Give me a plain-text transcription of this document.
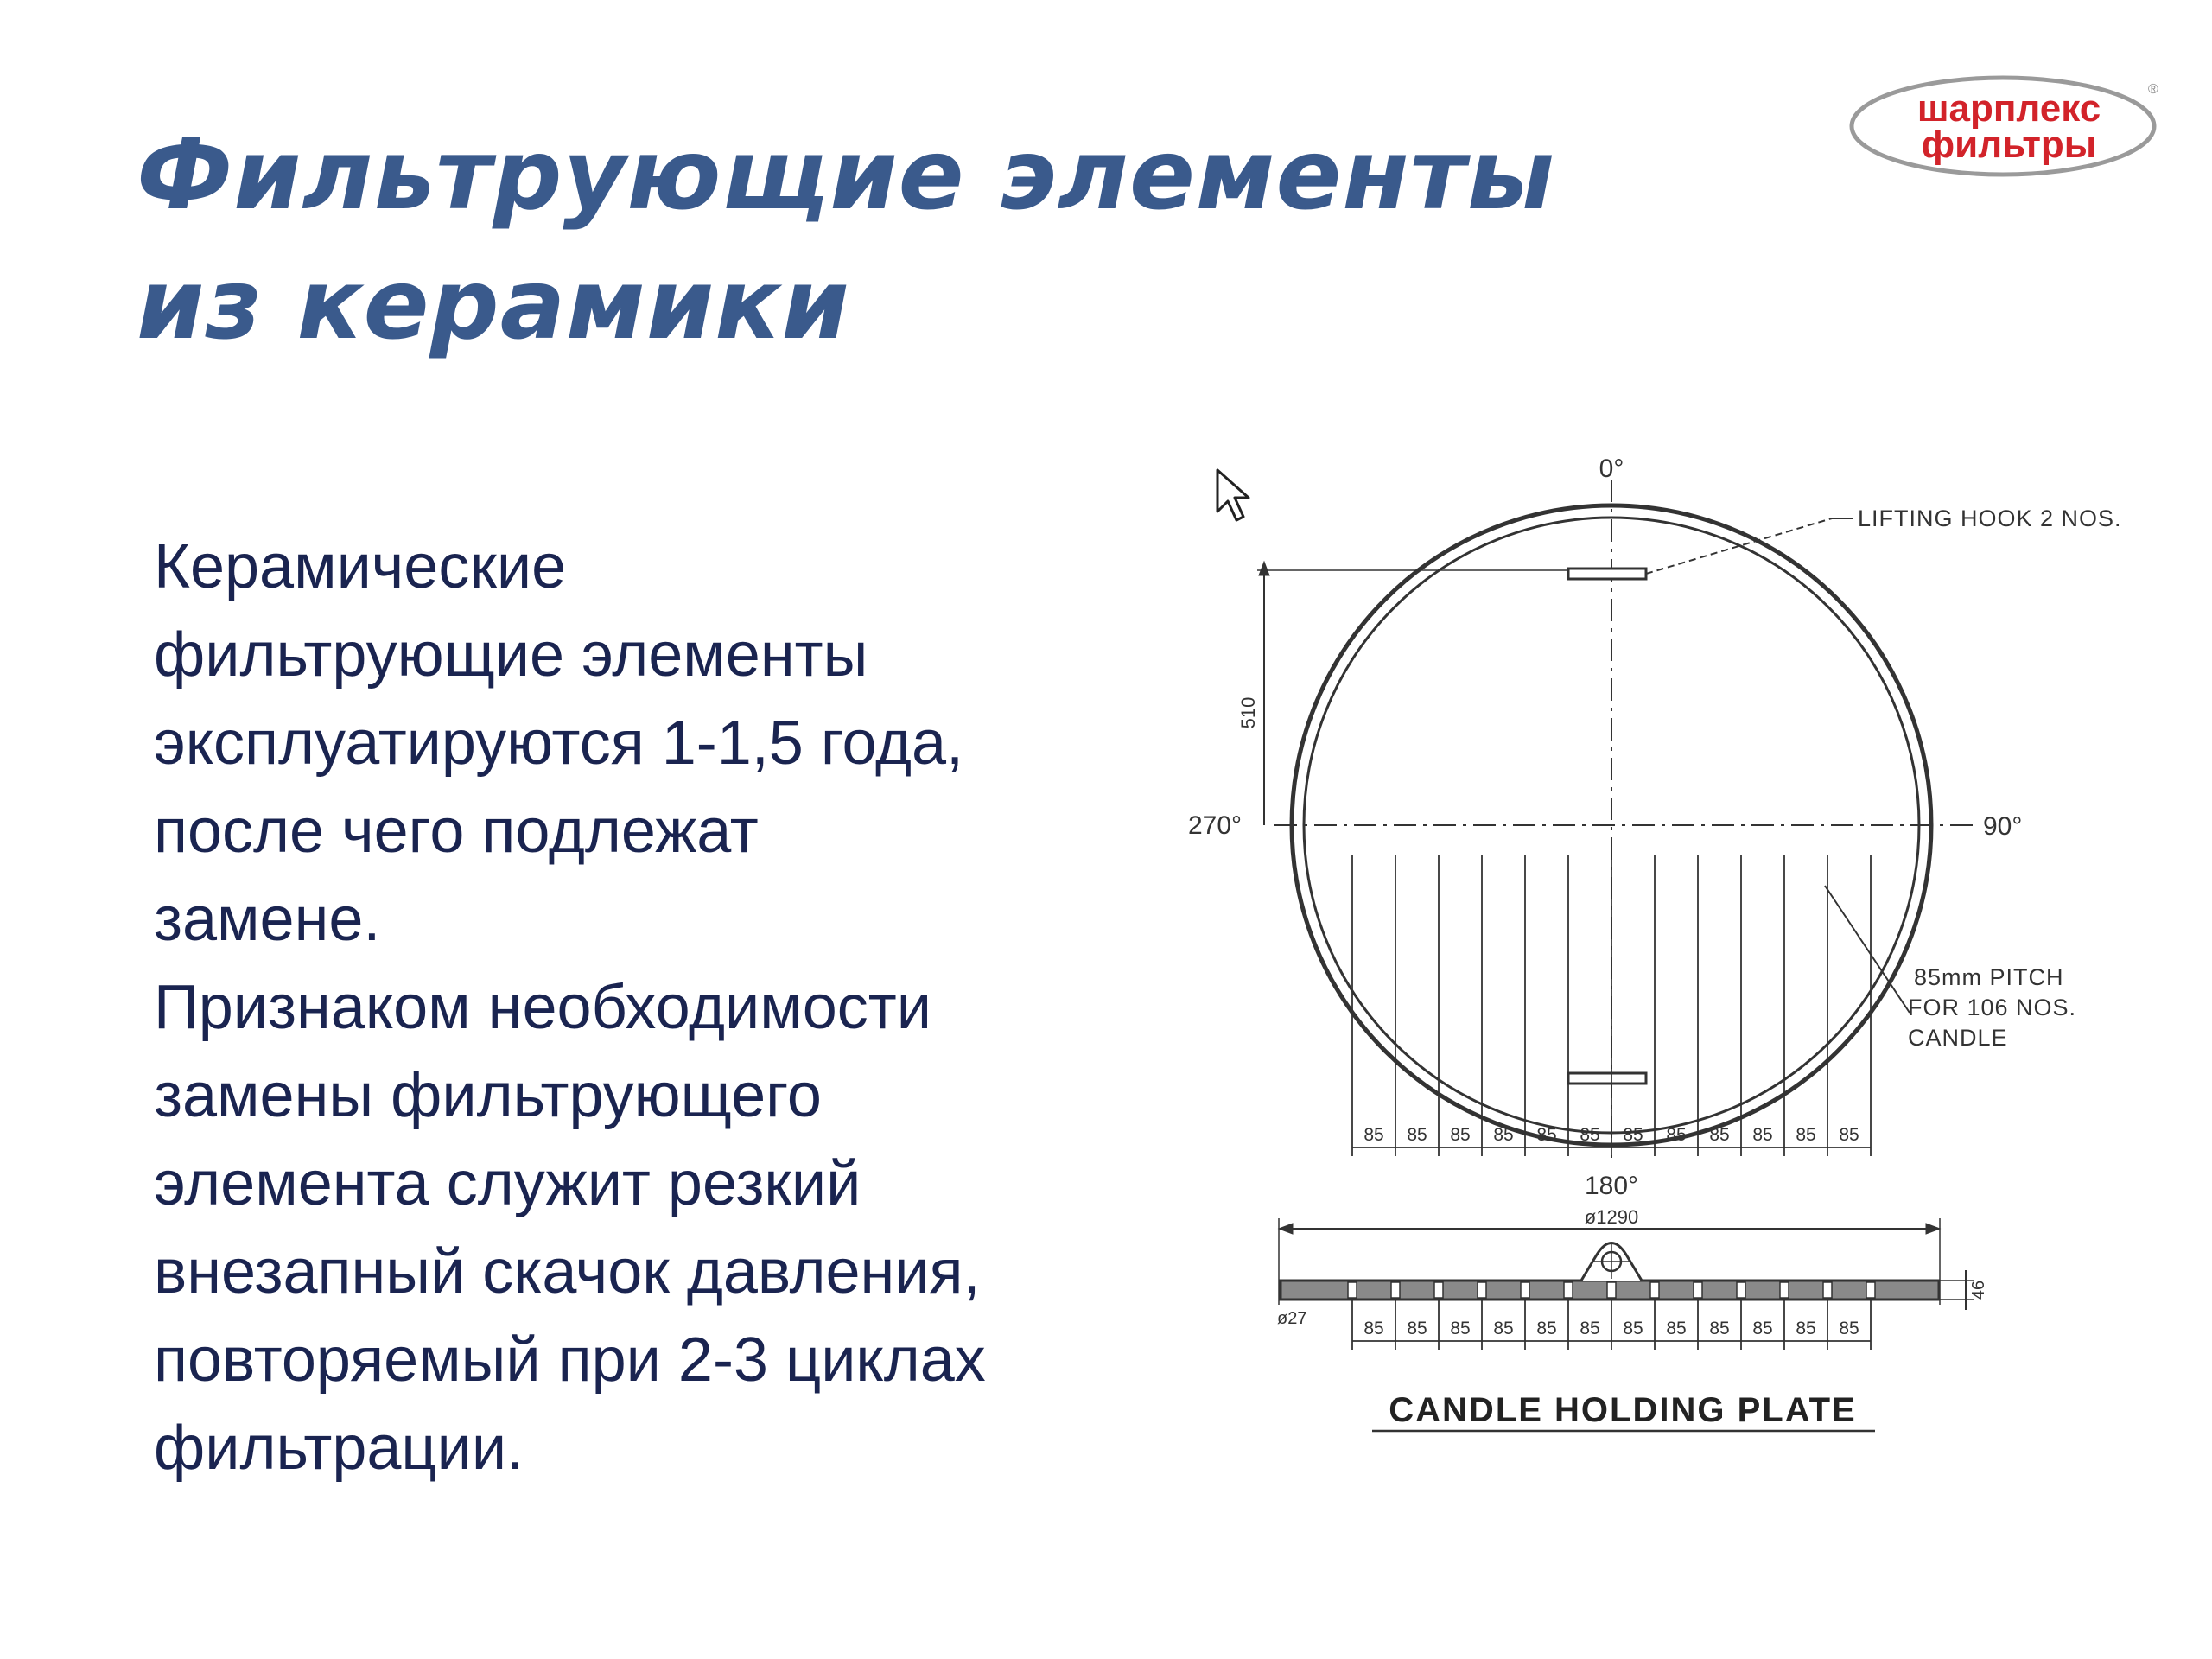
Фильтрующие элементы
из керамики
шарплекс
фильтры
®
Керамические
фильтрующие элементы
эксплуатируются 1-1,5 года,
после чего подлежат
замене.
Признаком необходимости
замены фильтрующего
элемента служит резкий
внезапный скачок давления,
повторяемый при 2-3 циклах
фильтрации.
85 85 85 85 85 85 85 85 85 85 85 85
0°
90°
270°
180°
LIFTING HOOK 2 NOS.
510
85mm PITCH
FOR 106 NOS.
CANDLE
85 85 85 85 85 85 85 85 85 85 85 85
ø1290
ø27
46
CANDLE HOLDING PLATE
